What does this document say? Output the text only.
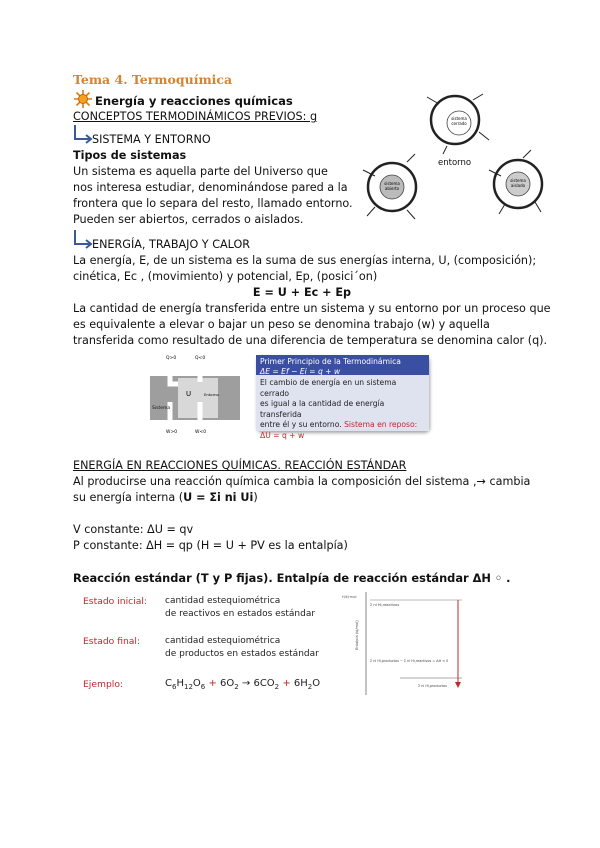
Tema 4. Termoquímica
Energía y reacciones químicas
CONCEPTOS TERMODINÁMICOS PREVIOS: g
SISTEMA Y ENTORNO
Tipos de sistemas
Un sistema es aquella parte del Universo que
nos interesa estudiar, denominándose pared a la
frontera que lo separa del resto, llamado entorno.
Pueden ser abiertos, cerrados o aislados.
sistema
cerrado
entorno
sistema
abierto
sistema
aislado
ENERGÍA, TRABAJO Y CALOR
La energía, E, de un sistema es la suma de sus energías interna, U, (composición);
cinética, Ec , (movimiento) y potencial, Ep, (posici´on)
E = U + Ec + Ep
La cantidad de energía transferida entre un sistema y su entorno por un proceso que
es equivalente a elevar o bajar un peso se denomina trabajo (w) y aquella
transferida como resultado de una diferencia de temperatura se denomina calor (q).
Q>0	Q<0
W>0	W<0
Sistema
U	Entorno
Primer Principio de la Termodinámica
ΔE = Ef − Ei = q + w
El cambio de energía en un sistema cerrado
es igual a la cantidad de energía transferida
entre él y su entorno. Sistema en reposo:
ΔU = q + w
ENERGÍA EN REACCIONES QUÍMICAS. REACCIÓN ESTÁNDAR
Al producirse una reacción química cambia la composición del sistema ,→ cambia
su energía interna (U = Σi ni Ui)
V constante: ΔU = qv
P constante: ΔH = qp (H = U + PV es la entalpía)
Reacción estándar (T y P fijas). Entalpía de reacción estándar ΔH ◦ .
Estado inicial: cantidad estequiométrica
de reactivos en estados estándar
Estado final:	cantidad estequiométrica
de productos en estados estándar
Ejemplo:	$C_6H_{12}O_6 + 6O_2 \to 6CO_2 + 6H_2O$
H/kJ·mol
Σ ni Hi,reactivos
Entalpía (kJ/mol)
Σ ni Hi,productos − Σ ni Hi,reactivos = ΔH < 0
Σ ni Hi,productos
